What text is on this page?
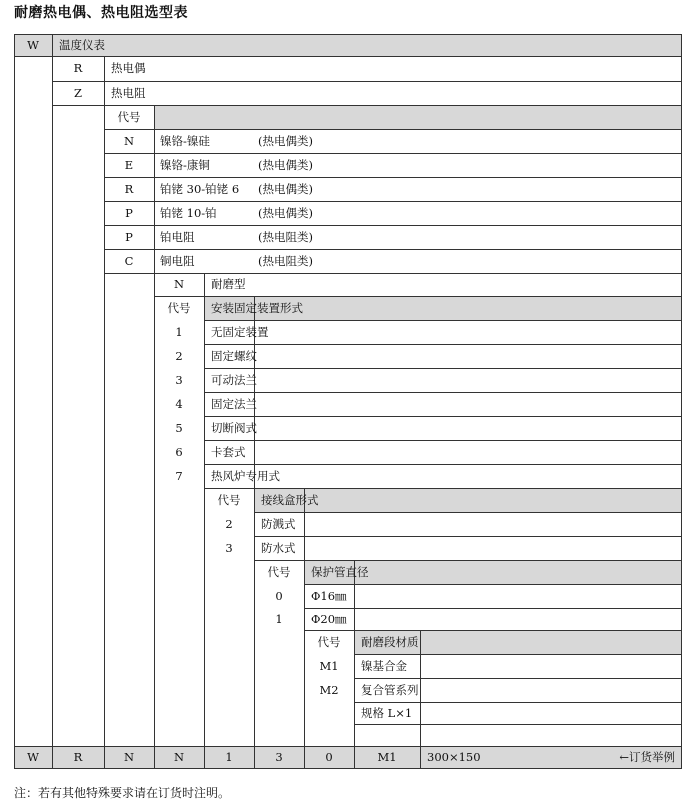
耐磨热电偶、热电阻选型表
W	温度仪表
R	热电偶
Z	热电阻
代号
N	镍铬-镍硅	(热电偶类)
E	镍铬-康铜	(热电偶类)
R	铂铑 30-铂铑 6	(热电偶类)
P	铂铑 10-铂	(热电偶类)
P	铂电阻	(热电阻类)
C	铜电阻	(热电阻类)
N	耐磨型
代号	安装固定装置形式
1	无固定装置
2	固定螺纹
3	可动法兰
4	固定法兰
5	切断阀式
6	卡套式
7	热风炉专用式
代号	接线盒形式
2	防溅式
3	防水式
代号	保护管直径
0	Φ16㎜
1	Φ20㎜
代号	耐磨段材质
M1	镍基合金
M2	复合管系列
规格 L×1
W	R	N	N	1	3	0	M1	300×150	←订货举例
注：若有其他特殊要求请在订货时注明。
